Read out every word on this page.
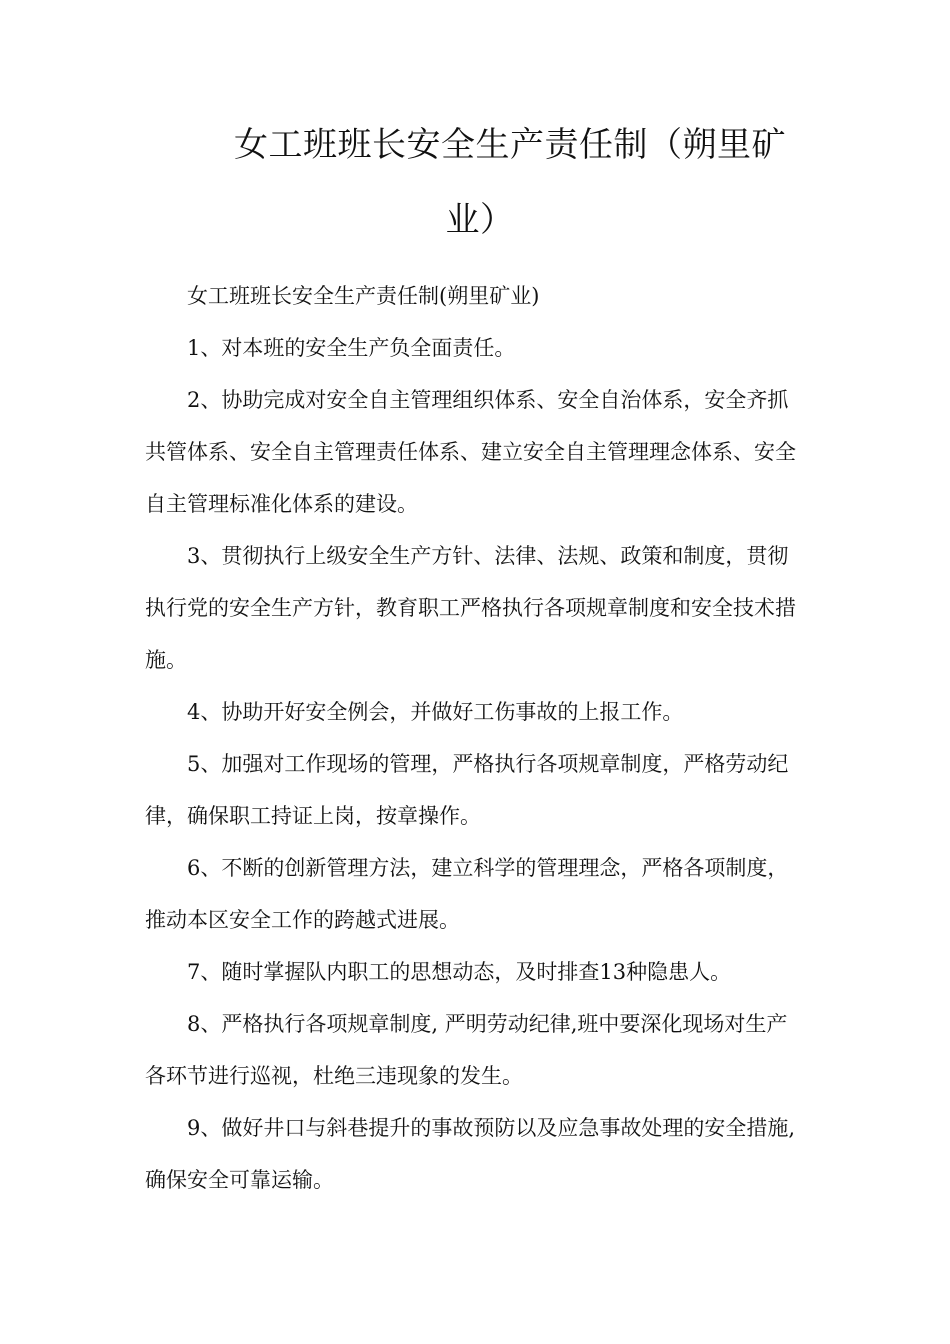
女工班班长安全生产责任制（朔里矿
业）

女工班班长安全生产责任制(朔里矿业)

1、对本班的安全生产负全面责任。

2、协助完成对安全自主管理组织体系、安全自治体系，安全齐抓共管体系、安全自主管理责任体系、建立安全自主管理理念体系、安全自主管理标准化体系的建设。

3、贯彻执行上级安全生产方针、法律、法规、政策和制度，贯彻执行党的安全生产方针，教育职工严格执行各项规章制度和安全技术措施。

4、协助开好安全例会，并做好工伤事故的上报工作。

5、加强对工作现场的管理，严格执行各项规章制度，严格劳动纪律，确保职工持证上岗，按章操作。

6、不断的创新管理方法，建立科学的管理理念，严格各项制度，推动本区安全工作的跨越式进展。

7、随时掌握队内职工的思想动态，及时排查13种隐患人。

8、严格执行各项规章制度, 严明劳动纪律,班中要深化现场对生产各环节进行巡视，杜绝三违现象的发生。

9、做好井口与斜巷提升的事故预防以及应急事故处理的安全措施, 确保安全可靠运输。
